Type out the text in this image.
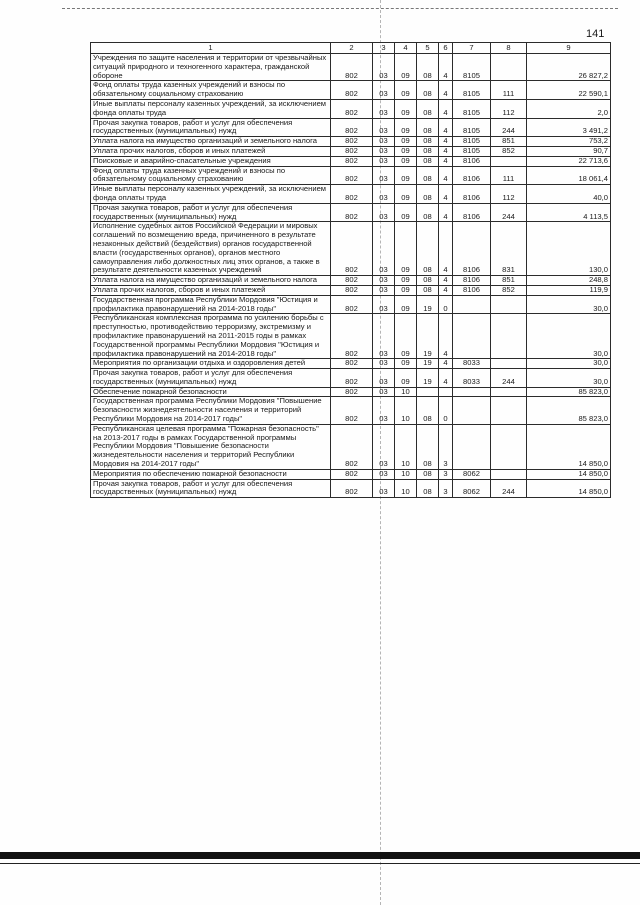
141
1	2	3	4	5	6	7	8	9
Учреждения по защите населения и территории от чрезвычайных ситуаций природного и техногенного характера, гражданской обороне	802	03	09	08	4	8105		26 827,2
Фонд оплаты труда казенных учреждений и взносы по обязательному социальному страхованию	802	03	09	08	4	8105	111	22 590,1
Иные выплаты персоналу казенных учреждений, за исключением фонда оплаты труда	802	03	09	08	4	8105	112	2,0
Прочая закупка товаров, работ и услуг для обеспечения государственных (муниципальных) нужд	802	03	09	08	4	8105	244	3 491,2
Уплата налога на имущество организаций и земельного налога	802	03	09	08	4	8105	851	753,2
Уплата прочих налогов, сборов и иных платежей	802	03	09	08	4	8105	852	90,7
Поисковые и аварийно-спасательные учреждения	802	03	09	08	4	8106		22 713,6
Фонд оплаты труда казенных учреждений и взносы по обязательному социальному страхованию	802	03	09	08	4	8106	111	18 061,4
Иные выплаты персоналу казенных учреждений, за исключением фонда оплаты труда	802	03	09	08	4	8106	112	40,0
Прочая закупка товаров, работ и услуг для обеспечения государственных (муниципальных) нужд	802	03	09	08	4	8106	244	4 113,5
Исполнение судебных актов Российской Федерации и мировых соглашений по возмещению вреда, причиненного в результате незаконных действий (бездействия) органов государственной власти (государственных органов), органов местного самоуправления либо должностных лиц этих органов, а также в результате деятельности казенных учреждений	802	03	09	08	4	8106	831	130,0
Уплата налога на имущество организаций и земельного налога	802	03	09	08	4	8106	851	248,8
Уплата прочих налогов, сборов и иных платежей	802	03	09	08	4	8106	852	119,9
Государственная программа Республики Мордовия "Юстиция и профилактика правонарушений на 2014-2018 годы"	802	03	09	19	0			30,0
Республиканская комплексная программа по усилению борьбы с преступностью, противодействию терроризму, экстремизму и профилактике правонарушений на 2011-2015 годы в рамках Государственной программы Республики Мордовия "Юстиция и профилактика правонарушений на 2014-2018 годы"	802	03	09	19	4			30,0
Мероприятия по организации отдыха и оздоровления детей	802	03	09	19	4	8033		30,0
Прочая закупка товаров, работ и услуг для обеспечения государственных (муниципальных) нужд	802	03	09	19	4	8033	244	30,0
Обеспечение пожарной безопасности	802	03	10					85 823,0
Государственная программа Республики Мордовия "Повышение безопасности жизнедеятельности населения и территорий Республики Мордовия на 2014-2017 годы"	802	03	10	08	0			85 823,0
Республиканская целевая программа "Пожарная безопасность" на 2013-2017 годы в рамках Государственной программы Республики Мордовия "Повышение безопасности жизнедеятельности населения и территорий Республики Мордовия на 2014-2017 годы"	802	03	10	08	3			14 850,0
Мероприятия по обеспечению пожарной безопасности	802	03	10	08	3	8062		14 850,0
Прочая закупка товаров, работ и услуг для обеспечения государственных (муниципальных) нужд	802	03	10	08	3	8062	244	14 850,0
